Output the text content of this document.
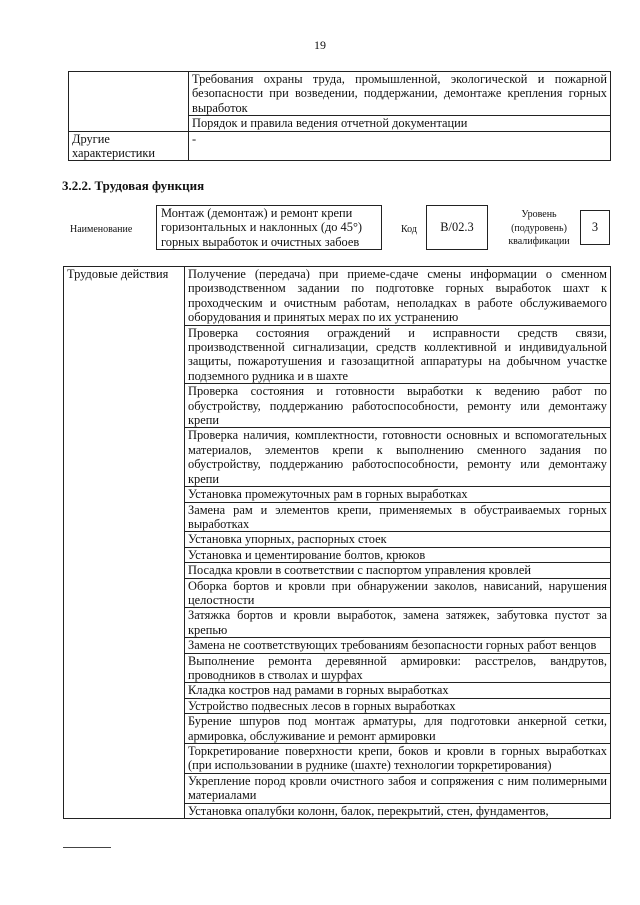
19
	Требования охраны труда, промышленной, экологической и пожарной безопасности при возведении, поддержании, демонтаже крепления горных выработок
	Порядок и правила ведения отчетной документации
Другие характеристики	-
3.2.2. Трудовая функция
Наименование
Монтаж (демонтаж) и ремонт крепи горизонтальных и наклонных (до 45°) горных выработок и очистных забоев
Код В/02.3
Уровень (подуровень) квалификации
3
Трудовые действия	Получение (передача) при приеме-сдаче смены информации о сменном производственном задании по подготовке горных выработок шахт к проходческим и очистным работам, неполадках в работе обслуживаемого оборудования и принятых мерах по их устранению
Проверка состояния ограждений и исправности средств связи, производственной сигнализации, средств коллективной и индивидуальной защиты, пожаротушения и газозащитной аппаратуры на добычном участке подземного рудника и в шахте
Проверка состояния и готовности выработки к ведению работ по обустройству, поддержанию работоспособности, ремонту или демонтажу крепи
Проверка наличия, комплектности, готовности основных и вспомогательных материалов, элементов крепи к выполнению сменного задания по обустройству, поддержанию работоспособности, ремонту или демонтажу крепи
Установка промежуточных рам в горных выработках
Замена рам и элементов крепи, применяемых в обустраиваемых горных выработках
Установка упорных, распорных стоек
Установка и цементирование болтов, крюков
Посадка кровли в соответствии с паспортом управления кровлей
Оборка бортов и кровли при обнаружении заколов, нависаний, нарушения целостности
Затяжка бортов и кровли выработок, замена затяжек, забутовка пустот за крепью
Замена не соответствующих требованиям безопасности горных работ венцов
Выполнение ремонта деревянной армировки: расстрелов, вандрутов, проводников в стволах и шурфах
Кладка костров над рамами в горных выработках
Устройство подвесных лесов в горных выработках
Бурение шпуров под монтаж арматуры, для подготовки анкерной сетки, армировка, обслуживание и ремонт армировки
Торкретирование поверхности крепи, боков и кровли в горных выработках (при использовании в руднике (шахте) технологии торкретирования)
Укрепление пород кровли очистного забоя и сопряжения с ним полимерными материалами
Установка опалубки колонн, балок, перекрытий, стен, фундаментов,
